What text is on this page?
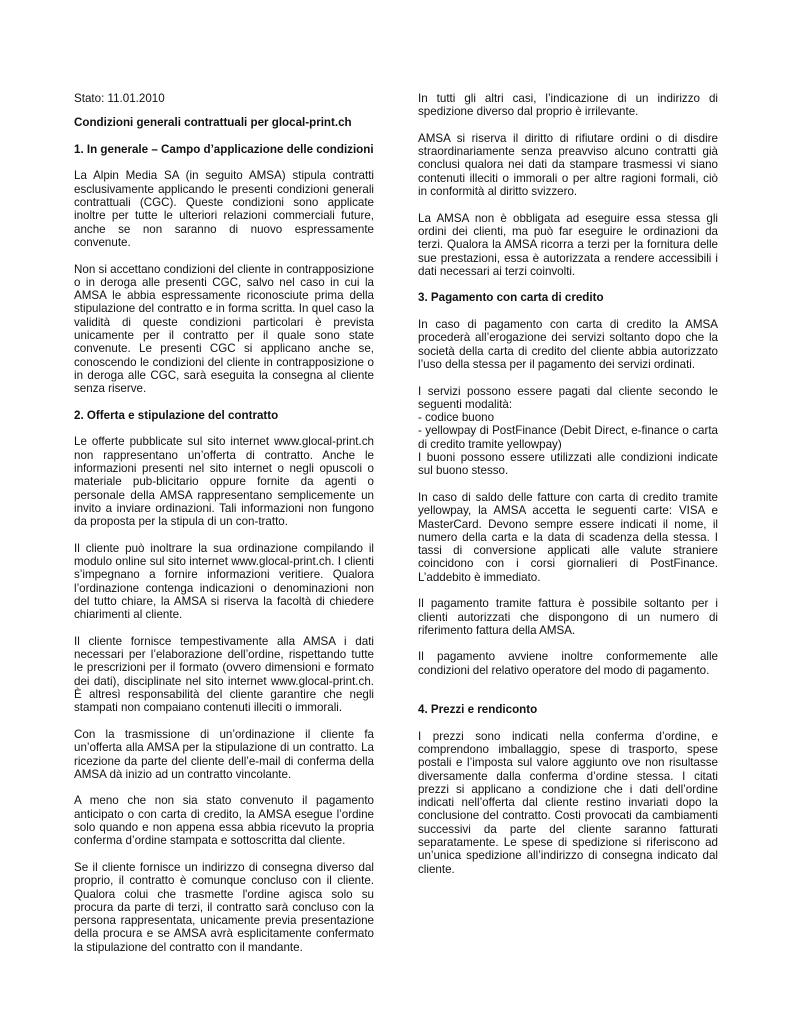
Stato: 11.01.2010

Condizioni generali contrattuali per glocal-print.ch
1. In generale – Campo d’applicazione delle condizioni

La Alpin Media SA (in seguito AMSA) stipula contratti esclusivamente applicando le presenti condizioni generali contrattuali (CGC). Queste condizioni sono applicate inoltre per tutte le ulteriori relazioni commerciali future, anche se non saranno di nuovo espressamente convenute.

Non si accettano condizioni del cliente in contrapposizione o in deroga alle presenti CGC, salvo nel caso in cui la AMSA le abbia espressamente riconosciute prima della stipulazione del contratto e in forma scritta. In quel caso la validità di queste condizioni particolari è prevista unicamente per il contratto per il quale sono state convenute. Le presenti CGC si applicano anche se, conoscendo le condizioni del cliente in contrapposizione o in deroga alle CGC, sarà eseguita la consegna al cliente senza riserve.

2. Offerta e stipulazione del contratto

Le offerte pubblicate sul sito internet www.glocal-print.ch non rappresentano un’offerta di contratto. Anche le informazioni presenti nel sito internet o negli opuscoli o materiale pub-blicitario oppure fornite da agenti o personale della AMSA rappresentano semplicemente un invito a inviare ordinazioni. Tali informazioni non fungono da proposta per la stipula di un con-tratto.

Il cliente può inoltrare la sua ordinazione compilando il modulo online sul sito internet www.glocal-print.ch. I clienti s’impegnano a fornire informazioni veritiere. Qualora l’ordinazione contenga indicazioni o denominazioni non del tutto chiare, la AMSA si riserva la facoltà di chiedere chiarimenti al cliente.

Il cliente fornisce tempestivamente alla AMSA i dati necessari per l’elaborazione dell’ordine, rispettando tutte le prescrizioni per il formato (ovvero dimensioni e formato dei dati), disciplinate nel sito internet www.glocal-print.ch. È altresì responsabilità del cliente garantire che negli stampati non compaiano contenuti illeciti o immorali.

Con la trasmissione di un’ordinazione il cliente fa un’offerta alla AMSA per la stipulazione di un contratto. La ricezione da parte del cliente dell’e-mail di conferma della AMSA dà inizio ad un contratto vincolante.

A meno che non sia stato convenuto il pagamento anticipato o con carta di credito, la AMSA esegue l’ordine solo quando e non appena essa abbia ricevuto la propria conferma d’ordine stampata e sottoscritta dal cliente.

Se il cliente fornisce un indirizzo di consegna diverso dal proprio, il contratto è comunque concluso con il cliente. Qualora colui che trasmette l'ordine agisca solo su procura da parte di terzi, il contratto sarà concluso con la persona rappresentata, unicamente previa presentazione della procura e se AMSA avrà esplicitamente confermato la stipulazione del contratto con il mandante.

In tutti gli altri casi, l’indicazione di un indirizzo di spedizione diverso dal proprio è irrilevante.

AMSA si riserva il diritto di rifiutare ordini o di disdire straordinariamente senza preavviso alcuno contratti già conclusi qualora nei dati da stampare trasmessi vi siano contenuti illeciti o immorali o per altre ragioni formali, ciò in conformità al diritto svizzero.

La AMSA non è obbligata ad eseguire essa stessa gli ordini dei clienti, ma può far eseguire le ordinazioni da terzi. Qualora la AMSA ricorra a terzi per la fornitura delle sue prestazioni, essa è autorizzata a rendere accessibili i dati necessari ai terzi coinvolti.

3. Pagamento con carta di credito

In caso di pagamento con carta di credito la AMSA procederà all’erogazione dei servizi soltanto dopo che la società della carta di credito del cliente abbia autorizzato l’uso della stessa per il pagamento dei servizi ordinati.

I servizi possono essere pagati dal cliente secondo le seguenti modalità:
- codice buono
- yellowpay di PostFinance (Debit Direct, e-finance o carta di credito tramite yellowpay)
I buoni possono essere utilizzati alle condizioni indicate sul buono stesso.

In caso di saldo delle fatture con carta di credito tramite yellowpay, la AMSA accetta le seguenti carte: VISA e MasterCard. Devono sempre essere indicati il nome, il numero della carta e la data di scadenza della stessa. I tassi di conversione applicati alle valute straniere coincidono con i corsi giornalieri di PostFinance. L’addebito è immediato.

Il pagamento tramite fattura è possibile soltanto per i clienti autorizzati che dispongono di un numero di riferimento fattura della AMSA.

Il pagamento avviene inoltre conformemente alle condizioni del relativo operatore del modo di pagamento.

4. Prezzi e rendiconto

I prezzi sono indicati nella conferma d’ordine, e comprendono imballaggio, spese di trasporto, spese postali e l’imposta sul valore aggiunto ove non risultasse diversamente dalla conferma d’ordine stessa. I citati prezzi si applicano a condizione che i dati dell’ordine indicati nell’offerta dal cliente restino invariati dopo la conclusione del contratto. Costi provocati da cambiamenti successivi da parte del cliente saranno fatturati separatamente. Le spese di spedizione si riferiscono ad un’unica spedizione all’indirizzo di consegna indicato dal cliente.
